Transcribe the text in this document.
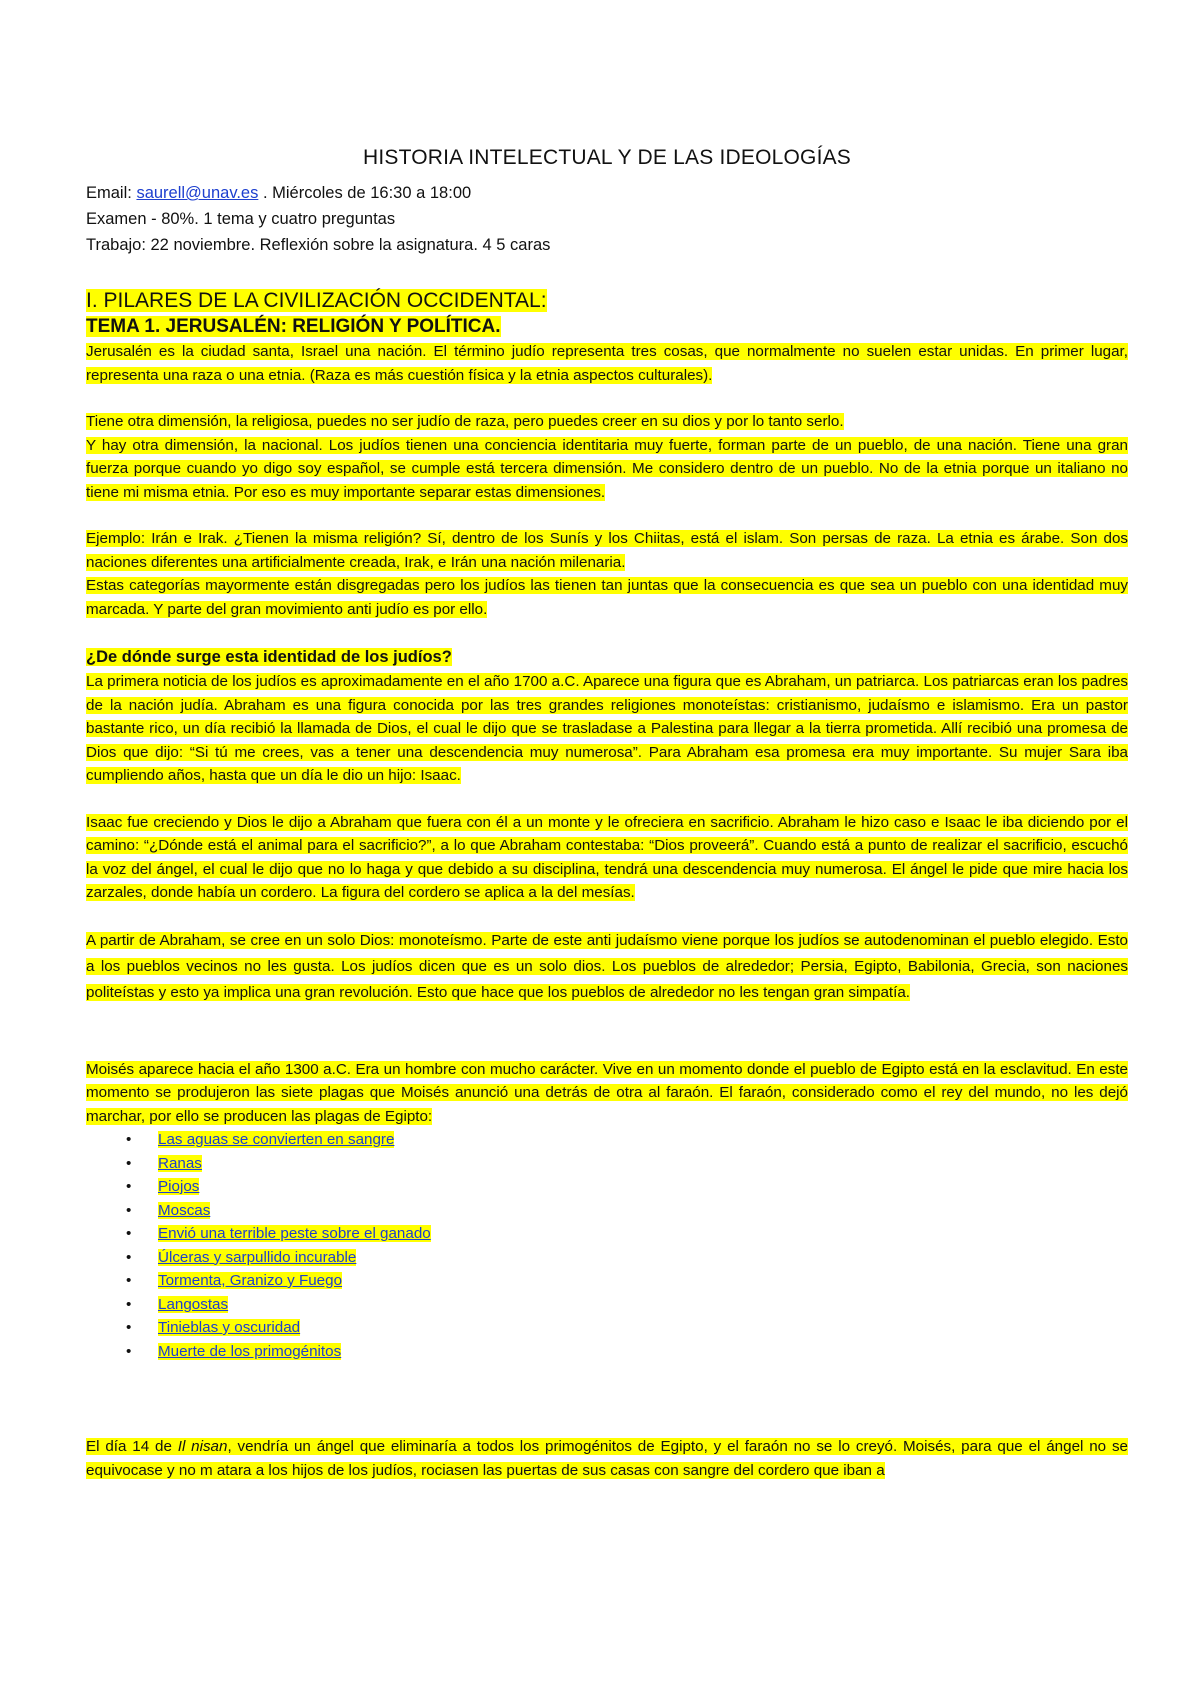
HISTORIA INTELECTUAL Y DE LAS IDEOLOGÍAS

Email: saurell@unav.es . Miércoles de 16:30 a 18:00

Examen - 80%. 1 tema y cuatro preguntas

Trabajo: 22 noviembre. Reflexión sobre la asignatura. 4 5 caras

I. PILARES DE LA CIVILIZACIÓN OCCIDENTAL:
TEMA 1. JERUSALÉN: RELIGIÓN Y POLÍTICA.

Jerusalén es la ciudad santa, Israel una nación. El término judío representa tres cosas, que normalmente no suelen estar unidas. En primer lugar, representa una raza o una etnia. (Raza es más cuestión física y la etnia aspectos culturales).

Tiene otra dimensión, la religiosa, puedes no ser judío de raza, pero puedes creer en su dios y por lo tanto serlo.

Y hay otra dimensión, la nacional. Los judíos tienen una conciencia identitaria muy fuerte, forman parte de un pueblo, de una nación. Tiene una gran fuerza porque cuando yo digo soy español, se cumple está tercera dimensión. Me considero dentro de un pueblo. No de la etnia porque un italiano no tiene mi misma etnia. Por eso es muy importante separar estas dimensiones.

Ejemplo: Irán e Irak. ¿Tienen la misma religión? Sí, dentro de los Sunís y los Chiitas, está el islam. Son persas de raza. La etnia es árabe. Son dos naciones diferentes una artificialmente creada, Irak, e Irán una nación milenaria.

Estas categorías mayormente están disgregadas pero los judíos las tienen tan juntas que la consecuencia es que sea un pueblo con una identidad muy marcada. Y parte del gran movimiento anti judío es por ello.

¿De dónde surge esta identidad de los judíos?

La primera noticia de los judíos es aproximadamente en el año 1700 a.C. Aparece una figura que es Abraham, un patriarca. Los patriarcas eran los padres de la nación judía. Abraham es una figura conocida por las tres grandes religiones monoteístas: cristianismo, judaísmo e islamismo. Era un pastor bastante rico, un día recibió la llamada de Dios, el cual le dijo que se trasladase a Palestina para llegar a la tierra prometida. Allí recibió una promesa de Dios que dijo: “Si tú me crees, vas a tener una descendencia muy numerosa”. Para Abraham esa promesa era muy importante. Su mujer Sara iba cumpliendo años, hasta que un día le dio un hijo: Isaac.

Isaac fue creciendo y Dios le dijo a Abraham que fuera con él a un monte y le ofreciera en sacrificio. Abraham le hizo caso e Isaac le iba diciendo por el camino: “¿Dónde está el animal para el sacrificio?”, a lo que Abraham contestaba: “Dios proveerá”. Cuando está a punto de realizar el sacrificio, escuchó la voz del ángel, el cual le dijo que no lo haga y que debido a su disciplina, tendrá una descendencia muy numerosa. El ángel le pide que mire hacia los zarzales, donde había un cordero. La figura del cordero se aplica a la del mesías.

A partir de Abraham, se cree en un solo Dios: monoteísmo. Parte de este anti judaísmo viene porque los judíos se autodenominan el pueblo elegido. Esto a los pueblos vecinos no les gusta. Los judíos dicen que es un solo dios. Los pueblos de alrededor; Persia, Egipto, Babilonia, Grecia, son naciones politeístas y esto ya implica una gran revolución. Esto que hace que los pueblos de alrededor no les tengan gran simpatía.

Moisés aparece hacia el año 1300 a.C. Era un hombre con mucho carácter. Vive en un momento donde el pueblo de Egipto está en la esclavitud. En este momento se produjeron las siete plagas que Moisés anunció una detrás de otra al faraón. El faraón, considerado como el rey del mundo, no les dejó marchar, por ello se producen las plagas de Egipto:

• Las aguas se convierten en sangre
• Ranas
• Piojos
• Moscas
• Envió una terrible peste sobre el ganado
• Úlceras y sarpullido incurable
• Tormenta, Granizo y Fuego
• Langostas
• Tinieblas y oscuridad
• Muerte de los primogénitos

El día 14 de Il nisan, vendría un ángel que eliminaría a todos los primogénitos de Egipto, y el faraón no se lo creyó. Moisés, para que el ángel no se equivocase y no m atara a los hijos de los judíos, rociasen las puertas de sus casas con sangre del cordero que iban a
